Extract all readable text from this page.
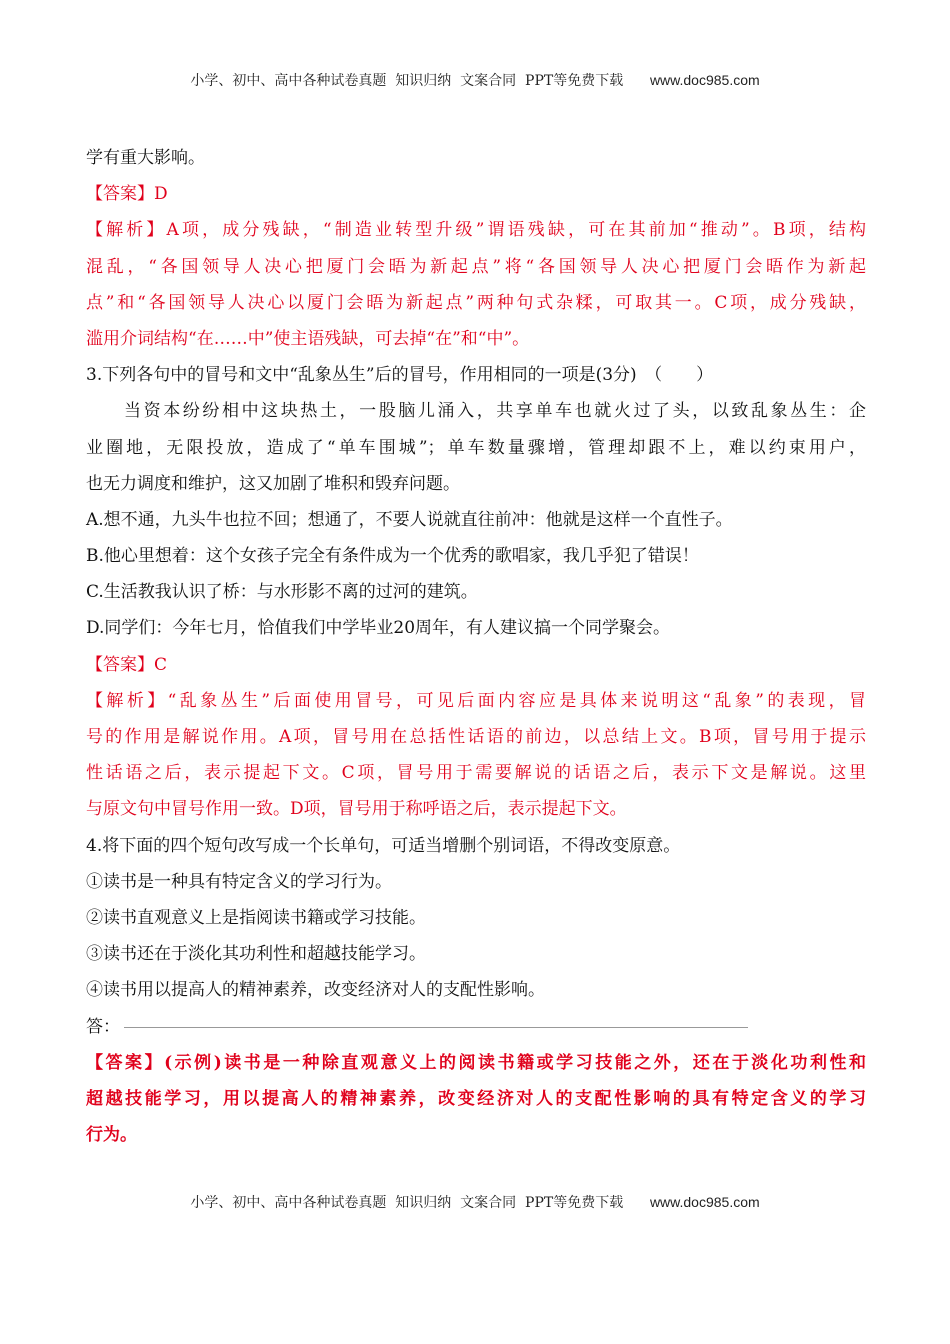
小学、初中、高中各种试卷真题  知识归纳  文案合同  PPT等免费下载 www.doc985.com
学有重大影响。
【答案】D
【解析】A项，成分残缺，“制造业转型升级”谓语残缺，可在其前加“推动”。B项，结构
混乱，“各国领导人决心把厦门会晤为新起点”将“各国领导人决心把厦门会晤作为新起
点”和“各国领导人决心以厦门会晤为新起点”两种句式杂糅，可取其一。C项，成分残缺，
滥用介词结构“在……中”使主语残缺，可去掉“在”和“中”。
3.下列各句中的冒号和文中“乱象丛生”后的冒号，作用相同的一项是(3分)　（　　）
当资本纷纷相中这块热土，一股脑儿涌入，共享单车也就火过了头，以致乱象丛生：企
业圈地，无限投放，造成了“单车围城”；单车数量骤增，管理却跟不上，难以约束用户，
也无力调度和维护，这又加剧了堆积和毁弃问题。
A.想不通，九头牛也拉不回；想通了，不要人说就直往前冲：他就是这样一个直性子。
B.他心里想着：这个女孩子完全有条件成为一个优秀的歌唱家，我几乎犯了错误！
C.生活教我认识了桥：与水形影不离的过河的建筑。
D.同学们：今年七月，恰值我们中学毕业20周年，有人建议搞一个同学聚会。
【答案】C
【解析】“乱象丛生”后面使用冒号，可见后面内容应是具体来说明这“乱象”的表现，冒
号的作用是解说作用。A项，冒号用在总括性话语的前边，以总结上文。B项，冒号用于提示
性话语之后，表示提起下文。C项，冒号用于需要解说的话语之后，表示下文是解说。这里
与原文句中冒号作用一致。D项，冒号用于称呼语之后，表示提起下文。
4.将下面的四个短句改写成一个长单句，可适当增删个别词语，不得改变原意。
①读书是一种具有特定含义的学习行为。
②读书直观意义上是指阅读书籍或学习技能。
③读书还在于淡化其功利性和超越技能学习。
④读书用以提高人的精神素养，改变经济对人的支配性影响。
答：
【答案】(示例)读书是一种除直观意义上的阅读书籍或学习技能之外，还在于淡化功利性和
超越技能学习，用以提高人的精神素养，改变经济对人的支配性影响的具有特定含义的学习
行为。
小学、初中、高中各种试卷真题  知识归纳  文案合同  PPT等免费下载 www.doc985.com
